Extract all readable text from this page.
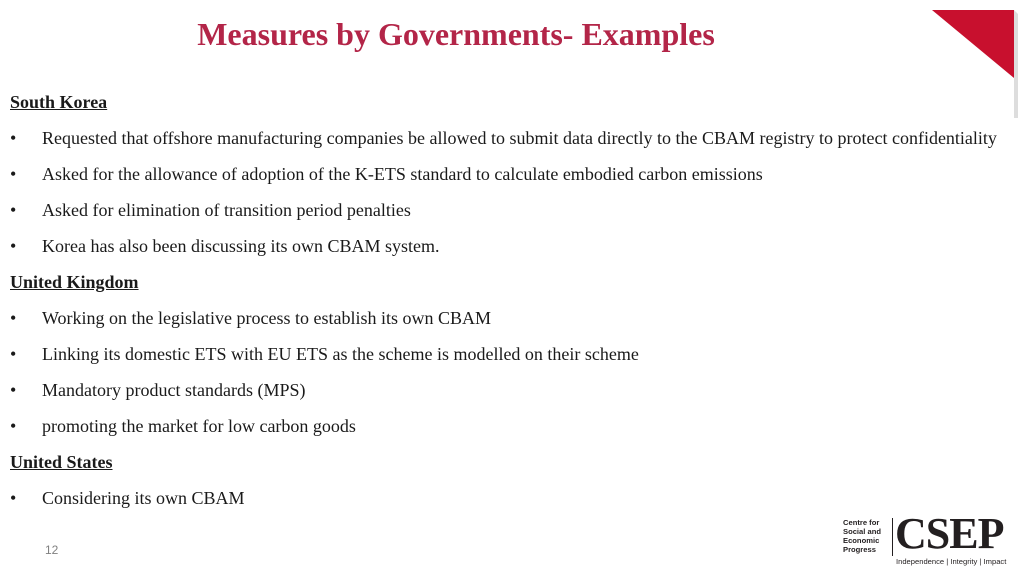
Measures by Governments- Examples
South Korea
•	Requested that offshore manufacturing companies be allowed to submit data directly to the CBAM registry to protect confidentiality
•	Asked for the allowance of adoption of the K-ETS standard to calculate embodied carbon emissions
•	Asked for elimination of transition period penalties
•	Korea has also been discussing its own CBAM system.
United Kingdom
•	Working on the legislative process to establish its own CBAM
•	Linking its domestic ETS with EU ETS as the scheme is modelled on their scheme
•	Mandatory product standards (MPS)
•	promoting the market for low carbon goods
United States
•	Considering its own CBAM
12
Centre for
Social and
Economic
Progress CSEP
Independence | Integrity | Impact
